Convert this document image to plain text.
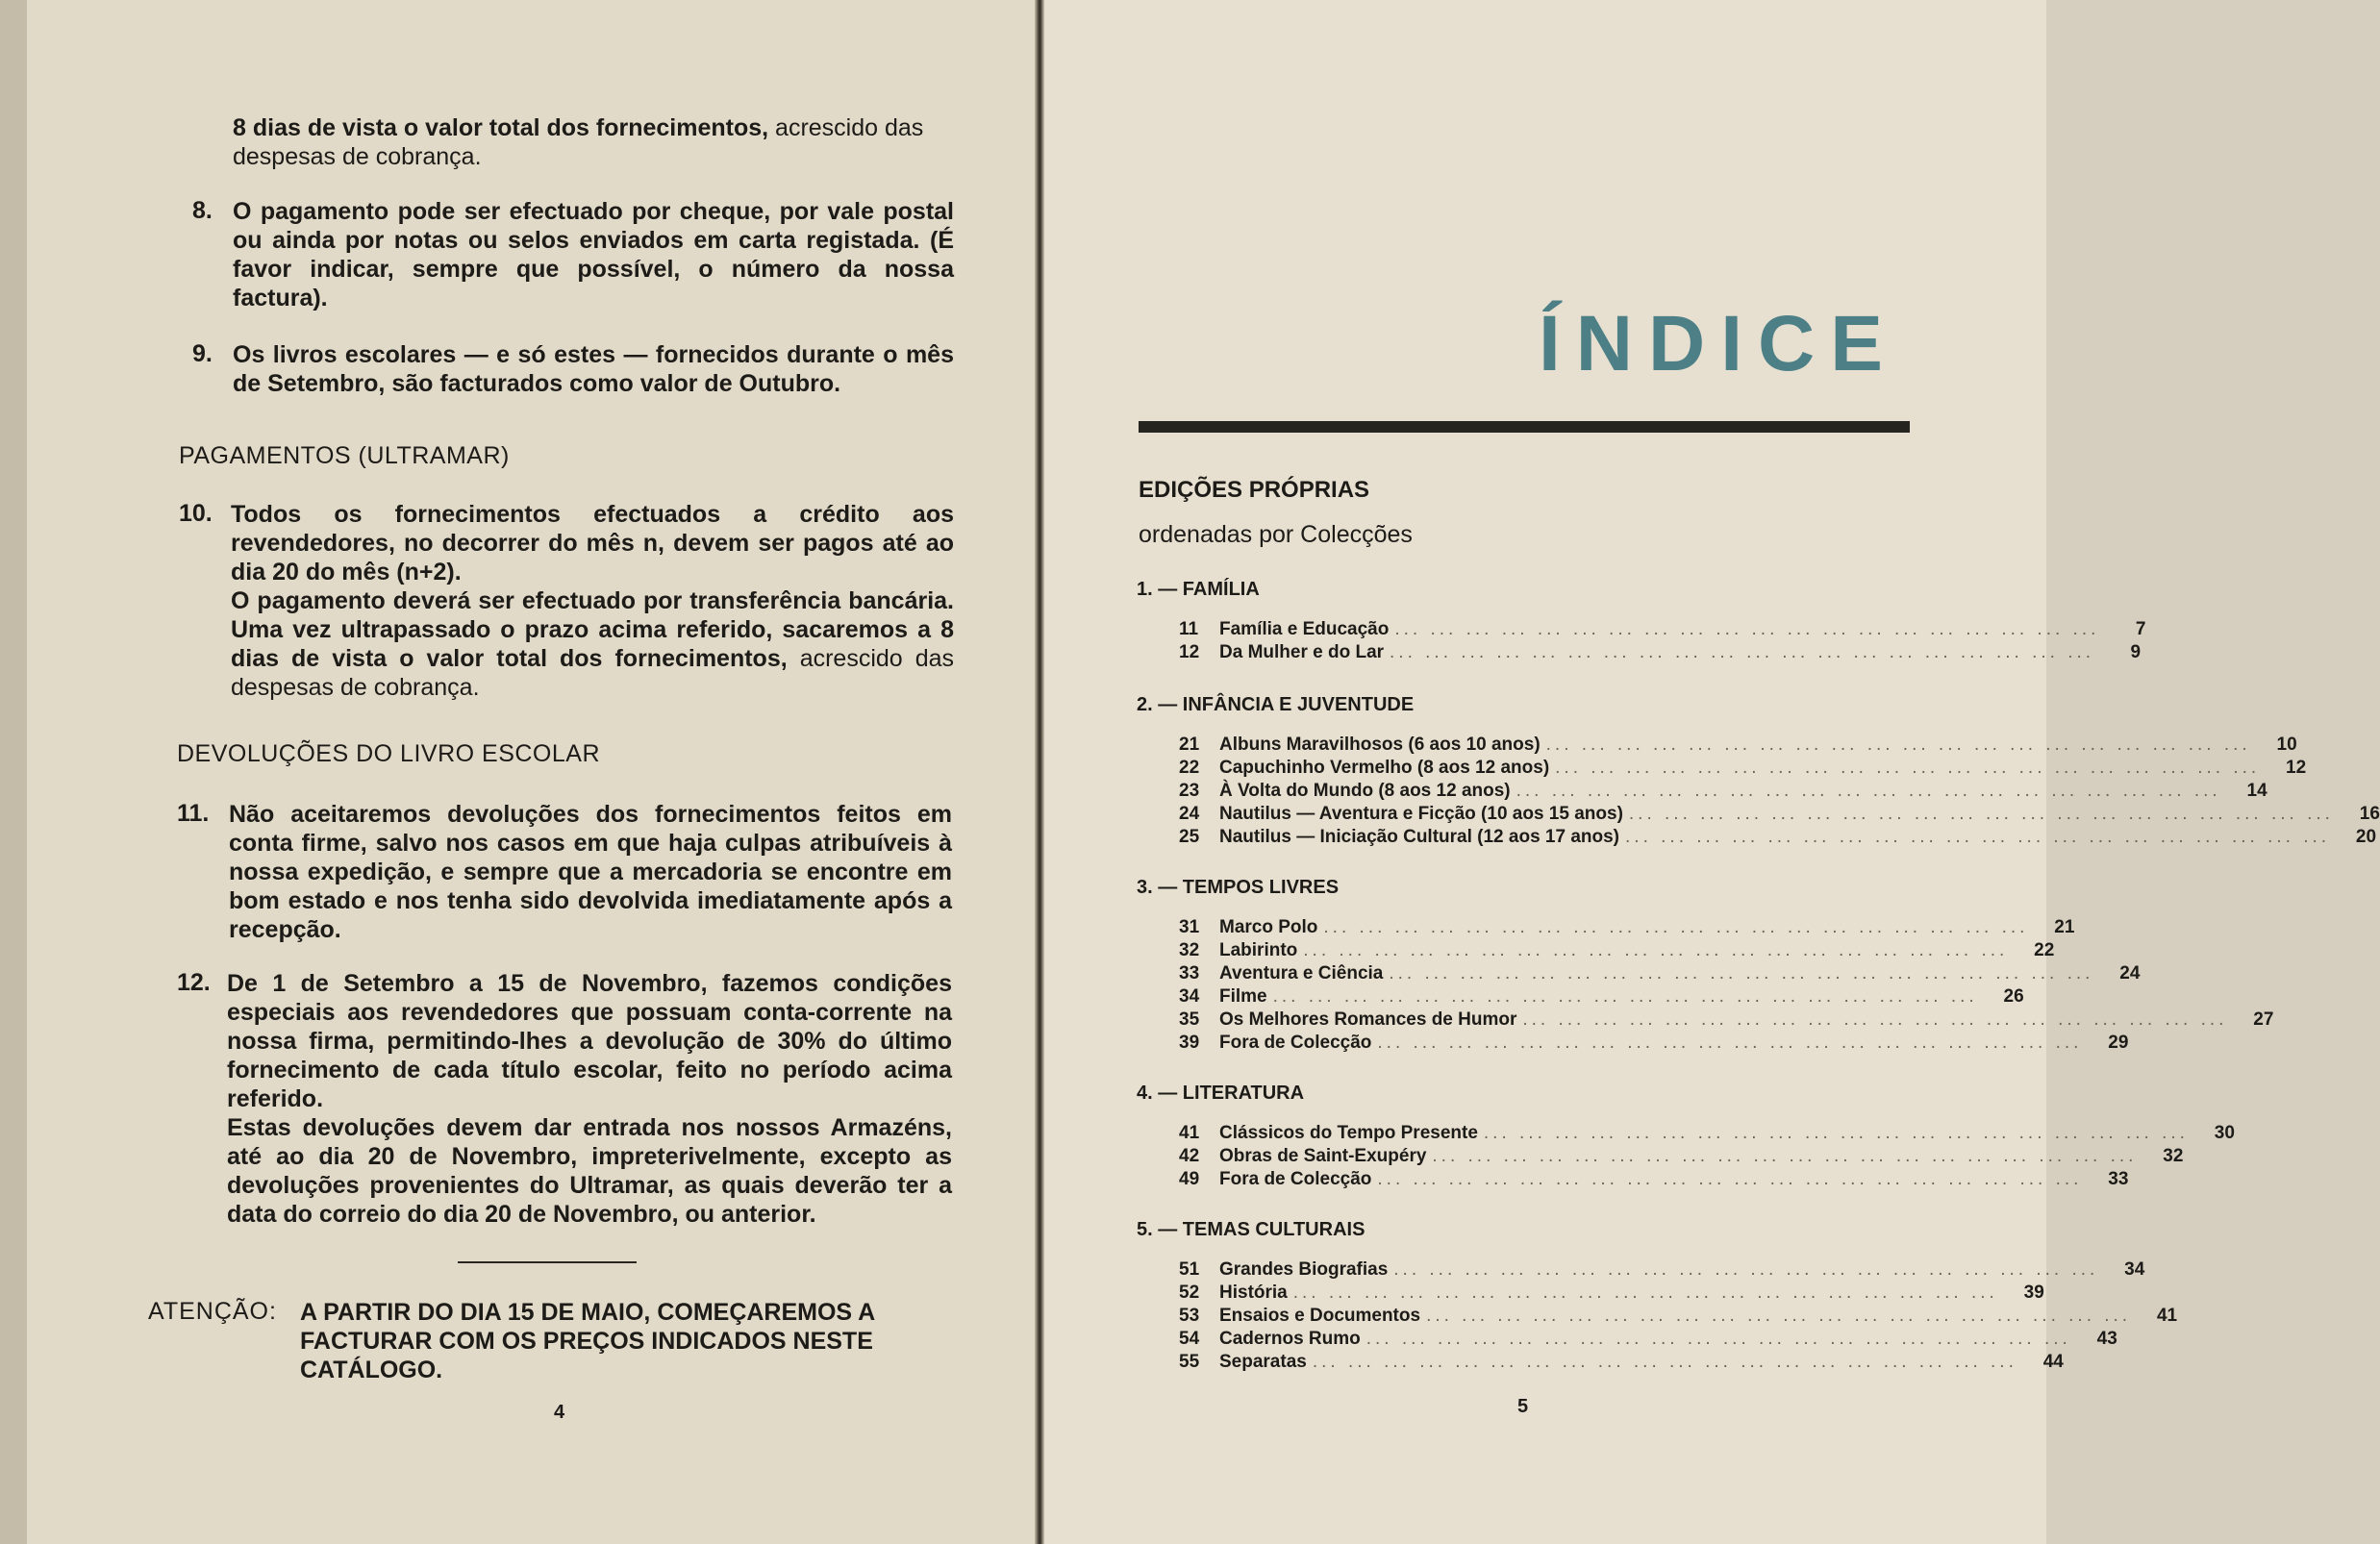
8 dias de vista o valor total dos fornecimentos, acrescido das
despesas de cobrança.
8. O pagamento pode ser efectuado por cheque, por vale postal ou ainda por notas ou selos enviados em carta registada. (É favor indicar, sempre que possível, o número da nossa factura).
9. Os livros escolares — e só estes — fornecidos durante o mês de Setembro, são facturados como valor de Outubro.
PAGAMENTOS (ULTRAMAR)
10. Todos os fornecimentos efectuados a crédito aos revendedores, no decorrer do mês n, devem ser pagos até ao dia 20 do mês (n+2).
O pagamento deverá ser efectuado por transferência bancária. Uma vez ultrapassado o prazo acima referido, sacaremos a 8 dias de vista o valor total dos fornecimentos, acrescido das despesas de cobrança.
DEVOLUÇÕES DO LIVRO ESCOLAR
11. Não aceitaremos devoluções dos fornecimentos feitos em conta firme, salvo nos casos em que haja culpas atribuíveis à nossa expedição, e sempre que a mercadoria se encontre em bom estado e nos tenha sido devolvida imediatamente após a recepção.
12. De 1 de Setembro a 15 de Novembro, fazemos condições especiais aos revendedores que possuam conta-corrente na nossa firma, permitindo-lhes a devolução de 30% do último fornecimento de cada título escolar, feito no período acima referido.
Estas devoluções devem dar entrada nos nossos Armazéns, até ao dia 20 de Novembro, impreterivelmente, excepto as devoluções provenientes do Ultramar, as quais deverão ter a data do correio do dia 20 de Novembro, ou anterior.
ATENÇÃO: A PARTIR DO DIA 15 DE MAIO, COMEÇAREMOS A FACTURAR COM OS PREÇOS INDICADOS NESTE CATÁLOGO.
4
ÍNDICE
EDIÇÕES PRÓPRIAS
ordenadas por Colecções
1. — FAMÍLIA
11	Família e Educação ... ... ... ... ... ... ... ... ... ... ... ... ... ... ... ... ... ... ... ...	7
12	Da Mulher e do Lar ... ... ... ... ... ... ... ... ... ... ... ... ... ... ... ... ... ... ... ...	9
2. — INFÂNCIA E JUVENTUDE
21	Albuns Maravilhosos (6 aos 10 anos) ... ... ... ... ... ... ... ... ... ... ... ... ... ... ... ... ... ... ... ...	10
22	Capuchinho Vermelho (8 aos 12 anos) ... ... ... ... ... ... ... ... ... ... ... ... ... ... ... ... ... ... ... ...	12
23	À Volta do Mundo (8 aos 12 anos) ... ... ... ... ... ... ... ... ... ... ... ... ... ... ... ... ... ... ... ...	14
24	Nautilus — Aventura e Ficção (10 aos 15 anos) ... ... ... ... ... ... ... ... ... ... ... ... ... ... ... ... ... ... ... ...	16
25	Nautilus — Iniciação Cultural (12 aos 17 anos) ... ... ... ... ... ... ... ... ... ... ... ... ... ... ... ... ... ... ... ...	20
3. — TEMPOS LIVRES
31	Marco Polo ... ... ... ... ... ... ... ... ... ... ... ... ... ... ... ... ... ... ... ...	21
32	Labirinto ... ... ... ... ... ... ... ... ... ... ... ... ... ... ... ... ... ... ... ...	22
33	Aventura e Ciência ... ... ... ... ... ... ... ... ... ... ... ... ... ... ... ... ... ... ... ...	24
34	Filme ... ... ... ... ... ... ... ... ... ... ... ... ... ... ... ... ... ... ... ...	26
35	Os Melhores Romances de Humor ... ... ... ... ... ... ... ... ... ... ... ... ... ... ... ... ... ... ... ...	27
39	Fora de Colecção ... ... ... ... ... ... ... ... ... ... ... ... ... ... ... ... ... ... ... ...	29
4. — LITERATURA
41	Clássicos do Tempo Presente ... ... ... ... ... ... ... ... ... ... ... ... ... ... ... ... ... ... ... ...	30
42	Obras de Saint-Exupéry ... ... ... ... ... ... ... ... ... ... ... ... ... ... ... ... ... ... ... ...	32
49	Fora de Colecção ... ... ... ... ... ... ... ... ... ... ... ... ... ... ... ... ... ... ... ...	33
5. — TEMAS CULTURAIS
51	Grandes Biografias ... ... ... ... ... ... ... ... ... ... ... ... ... ... ... ... ... ... ... ...	34
52	História ... ... ... ... ... ... ... ... ... ... ... ... ... ... ... ... ... ... ... ...	39
53	Ensaios e Documentos ... ... ... ... ... ... ... ... ... ... ... ... ... ... ... ... ... ... ... ...	41
54	Cadernos Rumo ... ... ... ... ... ... ... ... ... ... ... ... ... ... ... ... ... ... ... ...	43
55	Separatas ... ... ... ... ... ... ... ... ... ... ... ... ... ... ... ... ... ... ... ...	44
5
